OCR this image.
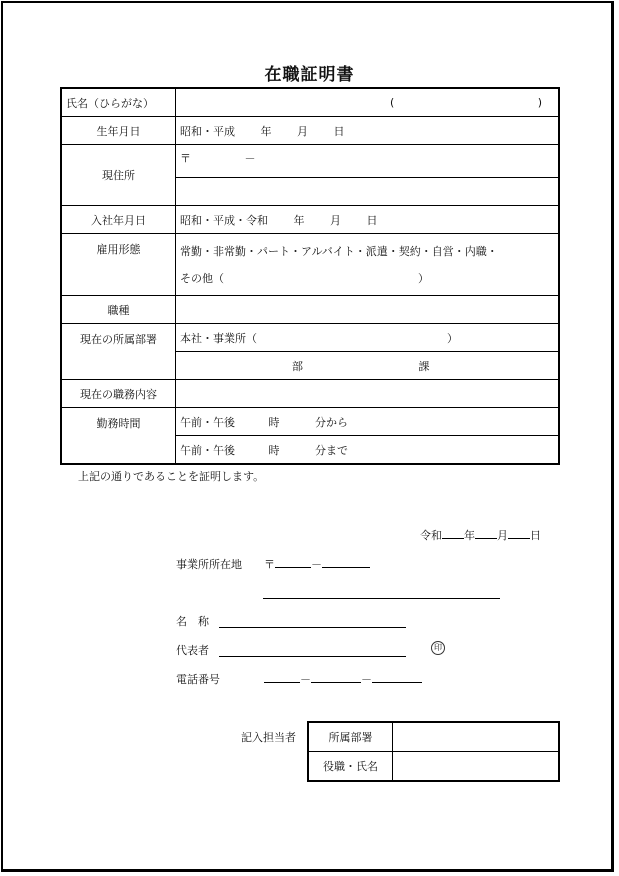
在職証明書
氏名（ひらがな）	( )
生年月日	昭和・平成 年 月 日
現住所	〒 －

入社年月日	昭和・平成・令和 年 月 日
雇用形態	常勤・非常勤・パート・アルバイト・派遣・契約・自営・内職・
その他（ ）

職種	
現在の所属部署	本社・事業所（ ）
	部 課
現在の職務内容	
勤務時間	午前・午後 時 分から
	午前・午後 時 分まで
上記の通りであることを証明します。
令和 年 月 日
事業所所在地 〒	－
名　称
代表者	印
電話番号	－	－
記入担当者	所属部署	
役職・氏名	
